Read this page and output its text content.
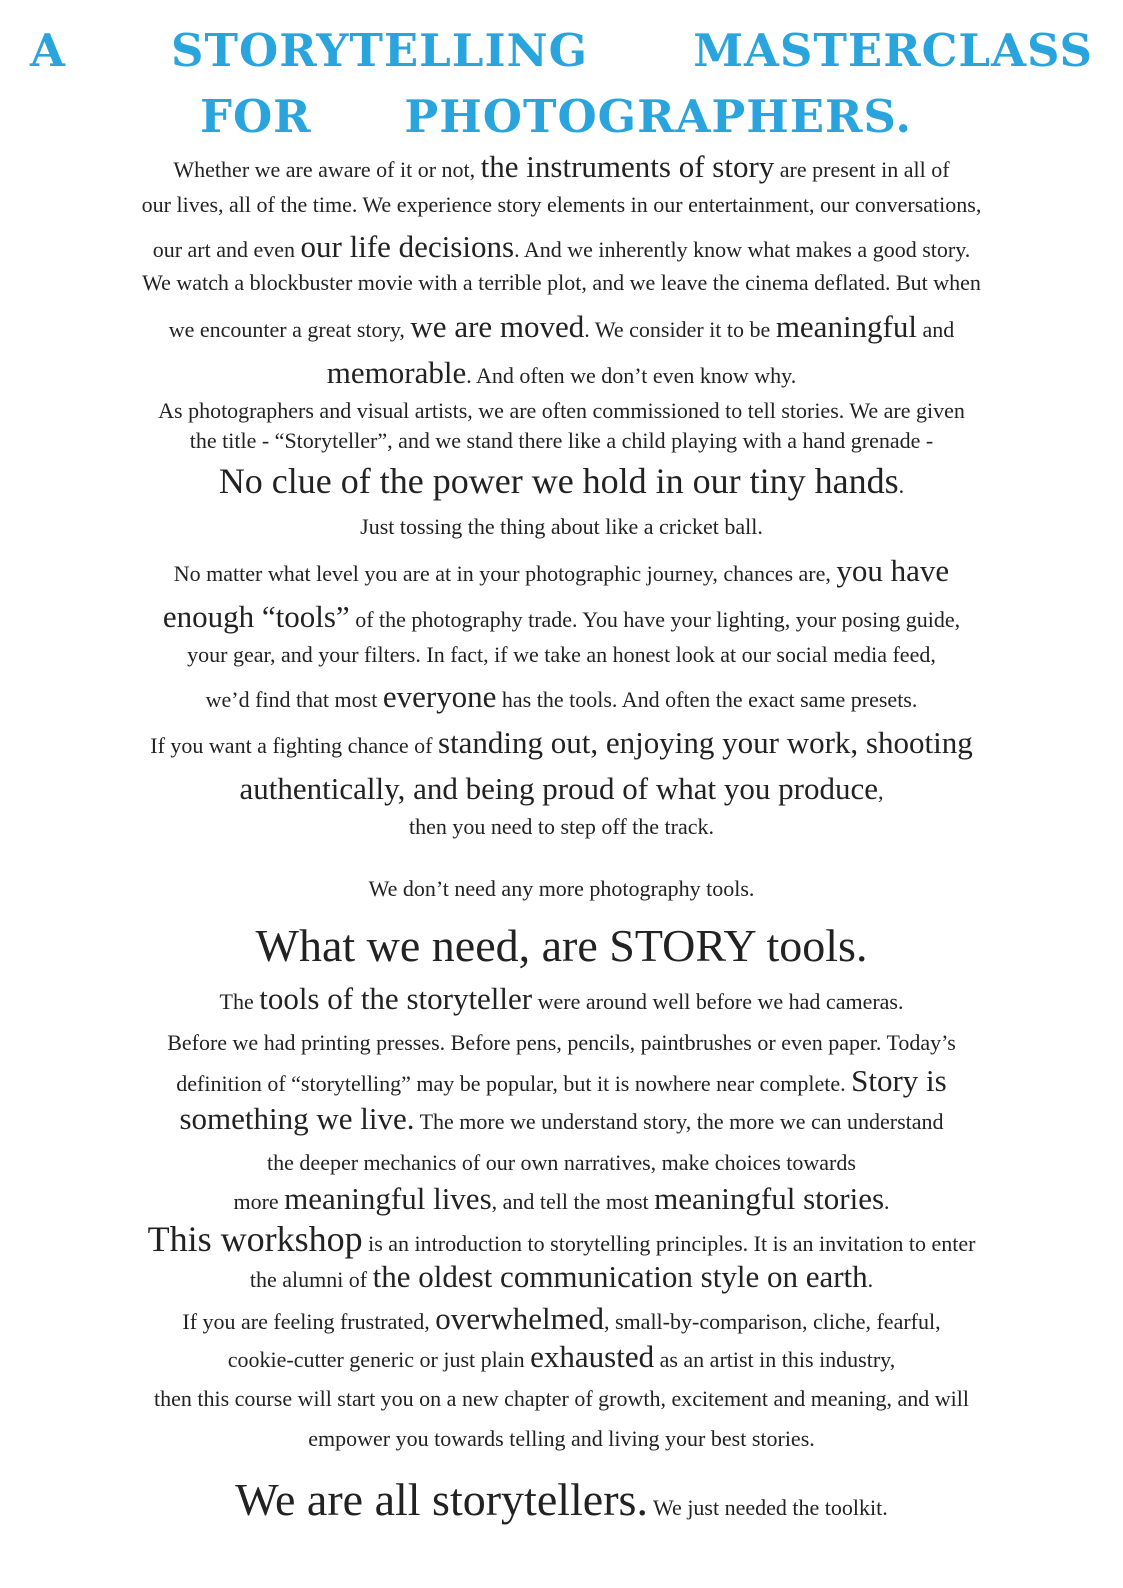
A STORYTELLING MASTERCLASS
FOR PHOTOGRAPHERS.
Whether we are aware of it or not, the instruments of story are present in all of
our lives, all of the time. We experience story elements in our entertainment, our conversations,
our art and even our life decisions. And we inherently know what makes a good story.
We watch a blockbuster movie with a terrible plot, and we leave the cinema deflated. But when
we encounter a great story, we are moved. We consider it to be meaningful and
memorable. And often we don’t even know why.
As photographers and visual artists, we are often commissioned to tell stories. We are given
the title - “Storyteller”, and we stand there like a child playing with a hand grenade -
No clue of the power we hold in our tiny hands.
Just tossing the thing about like a cricket ball.
No matter what level you are at in your photographic journey, chances are, you have
enough “tools” of the photography trade. You have your lighting, your posing guide,
your gear, and your filters. In fact, if we take an honest look at our social media feed,
we’d find that most everyone has the tools. And often the exact same presets.
If you want a fighting chance of standing out, enjoying your work, shooting
authentically, and being proud of what you produce,
then you need to step off the track.
We don’t need any more photography tools.
What we need, are STORY tools.
The tools of the storyteller were around well before we had cameras.
Before we had printing presses. Before pens, pencils, paintbrushes or even paper. Today’s
definition of “storytelling” may be popular, but it is nowhere near complete. Story is
something we live. The more we understand story, the more we can understand
the deeper mechanics of our own narratives, make choices towards
more meaningful lives, and tell the most meaningful stories.
This workshop is an introduction to storytelling principles. It is an invitation to enter
the alumni of the oldest communication style on earth.
If you are feeling frustrated, overwhelmed, small-by-comparison, cliche, fearful,
cookie-cutter generic or just plain exhausted as an artist in this industry,
then this course will start you on a new chapter of growth, excitement and meaning, and will
empower you towards telling and living your best stories.
We are all storytellers. We just needed the toolkit.
